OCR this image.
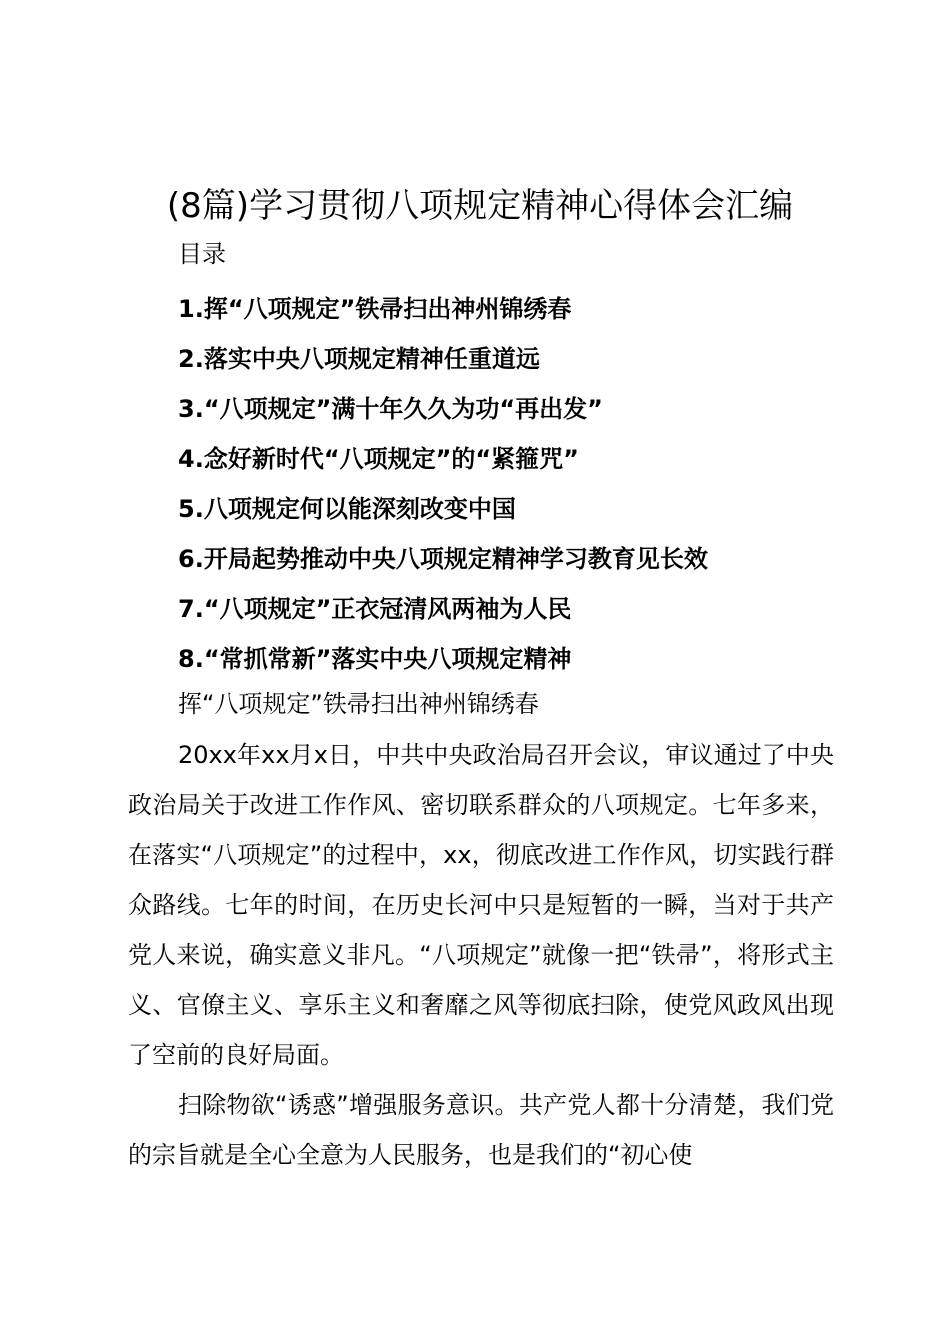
(8篇)学习贯彻八项规定精神心得体会汇编
目录
1.挥“八项规定”铁帚扫出神州锦绣春
2.落实中央八项规定精神任重道远
3.“八项规定”满十年久久为功“再出发”
4.念好新时代“八项规定”的“紧箍咒”
5.八项规定何以能深刻改变中国
6.开局起势推动中央八项规定精神学习教育见长效
7.“八项规定”正衣冠清风两袖为人民
8.“常抓常新”落实中央八项规定精神
挥“八项规定”铁帚扫出神州锦绣春

20xx年xx月x日，中共中央政治局召开会议，审议通过了中央政治局关于改进工作作风、密切联系群众的八项规定。七年多来，在落实“八项规定”的过程中，xx，彻底改进工作作风，切实践行群众路线。七年的时间，在历史长河中只是短暂的一瞬，当对于共产党人来说，确实意义非凡。“八项规定”就像一把“铁帚”，将形式主义、官僚主义、享乐主义和奢靡之风等彻底扫除，使党风政风出现了空前的良好局面。

扫除物欲“诱惑”增强服务意识。共产党人都十分清楚，我们党的宗旨就是全心全意为人民服务，也是我们的“初心使
